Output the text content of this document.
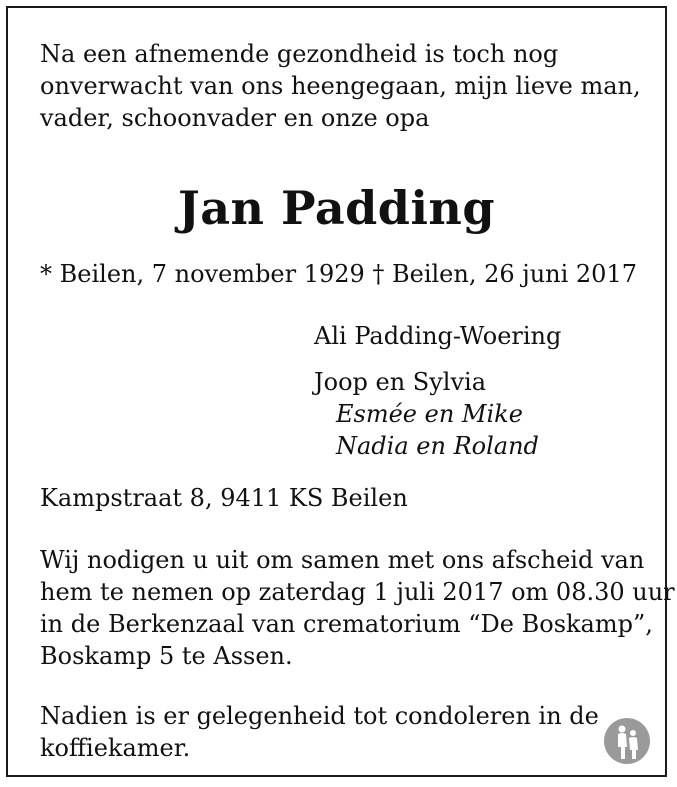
Na een afnemende gezondheid is toch nog
onverwacht van ons heengegaan, mijn lieve man,
vader, schoonvader en onze opa
Jan Padding
* Beilen, 7 november 1929 † Beilen, 26 juni 2017
Ali Padding-Woering
Joop en Sylvia
Esmée en Mike
Nadia en Roland
Kampstraat 8, 9411 KS Beilen
Wij nodigen u uit om samen met ons afscheid van
hem te nemen op zaterdag 1 juli 2017 om 08.30 uur
in de Berkenzaal van crematorium “De Boskamp”,
Boskamp 5 te Assen.
Nadien is er gelegenheid tot condoleren in de
koffiekamer.
